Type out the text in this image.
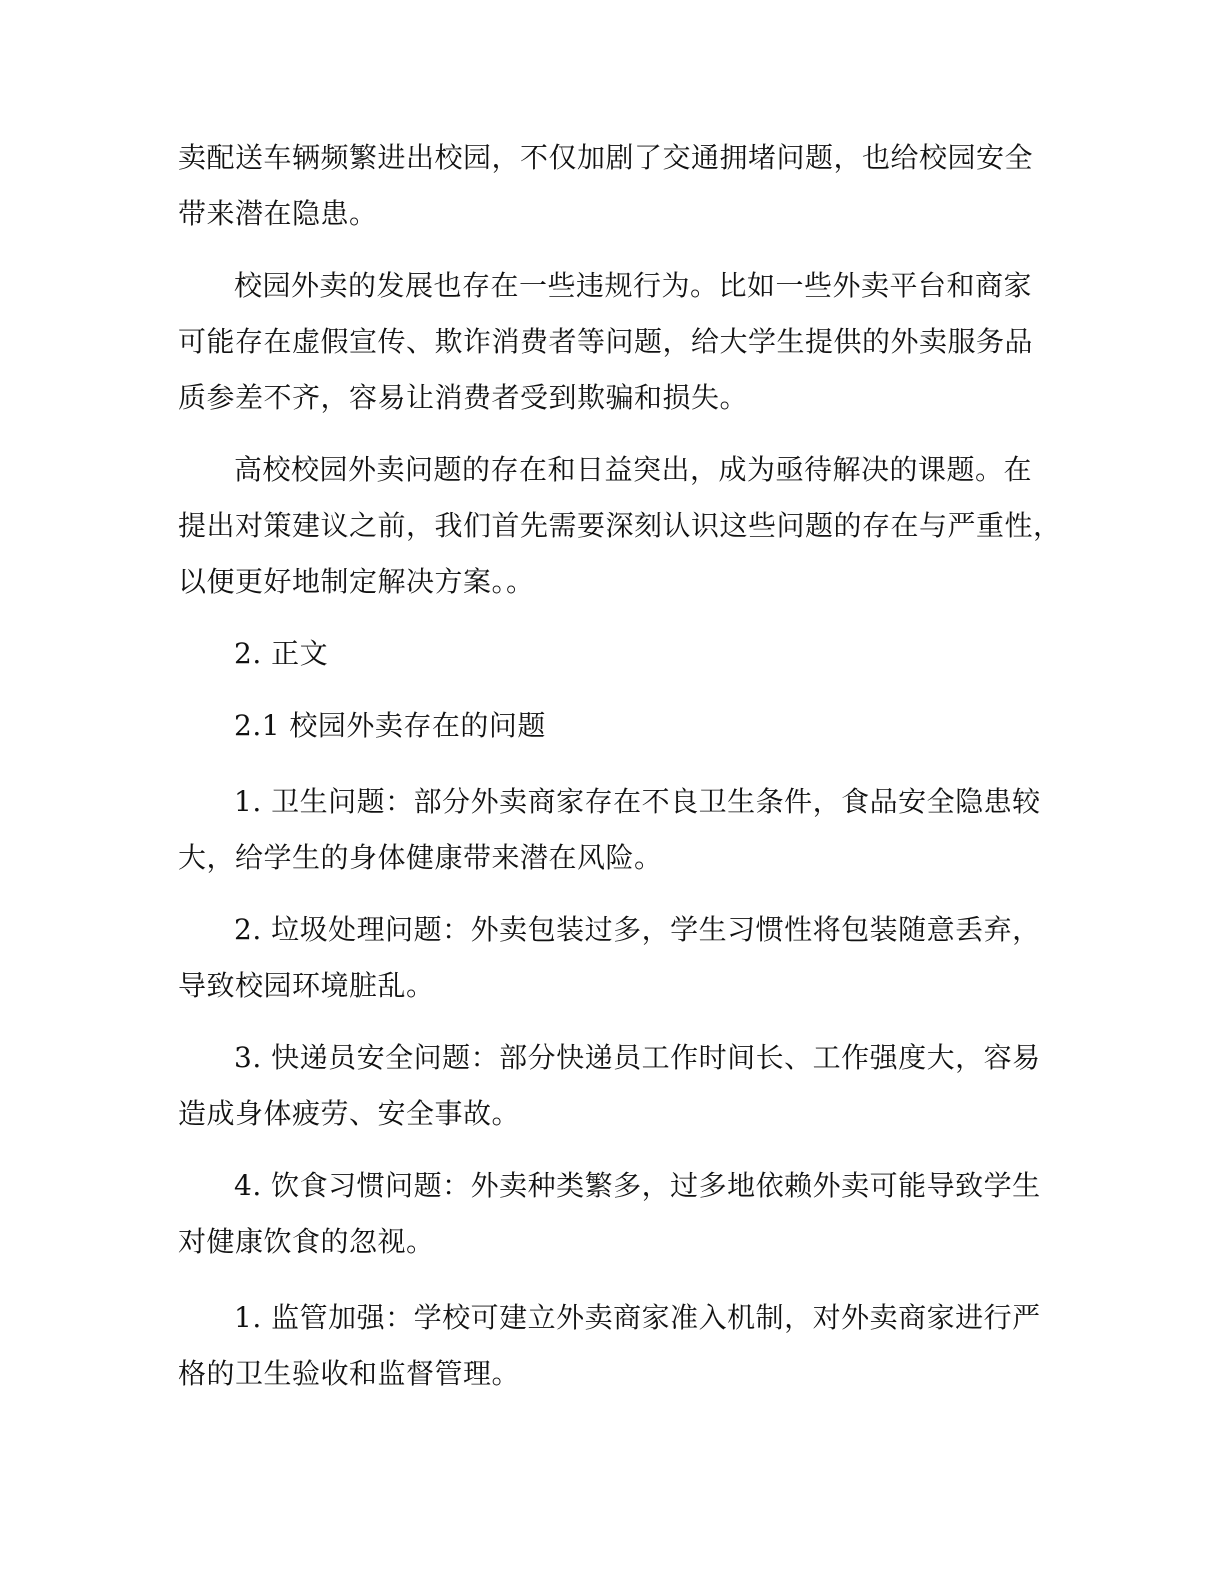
卖配送车辆频繁进出校园，不仅加剧了交通拥堵问题，也给校园安全
带来潜在隐患。
校园外卖的发展也存在一些违规行为。比如一些外卖平台和商家
可能存在虚假宣传、欺诈消费者等问题，给大学生提供的外卖服务品
质参差不齐，容易让消费者受到欺骗和损失。
高校校园外卖问题的存在和日益突出，成为亟待解决的课题。在
提出对策建议之前，我们首先需要深刻认识这些问题的存在与严重性，
以便更好地制定解决方案。。
2. 正文
2.1 校园外卖存在的问题
1. 卫生问题：部分外卖商家存在不良卫生条件，食品安全隐患较
大，给学生的身体健康带来潜在风险。
2. 垃圾处理问题：外卖包装过多，学生习惯性将包装随意丢弃，
导致校园环境脏乱。
3. 快递员安全问题：部分快递员工作时间长、工作强度大，容易
造成身体疲劳、安全事故。
4. 饮食习惯问题：外卖种类繁多，过多地依赖外卖可能导致学生
对健康饮食的忽视。
1. 监管加强：学校可建立外卖商家准入机制，对外卖商家进行严
格的卫生验收和监督管理。
